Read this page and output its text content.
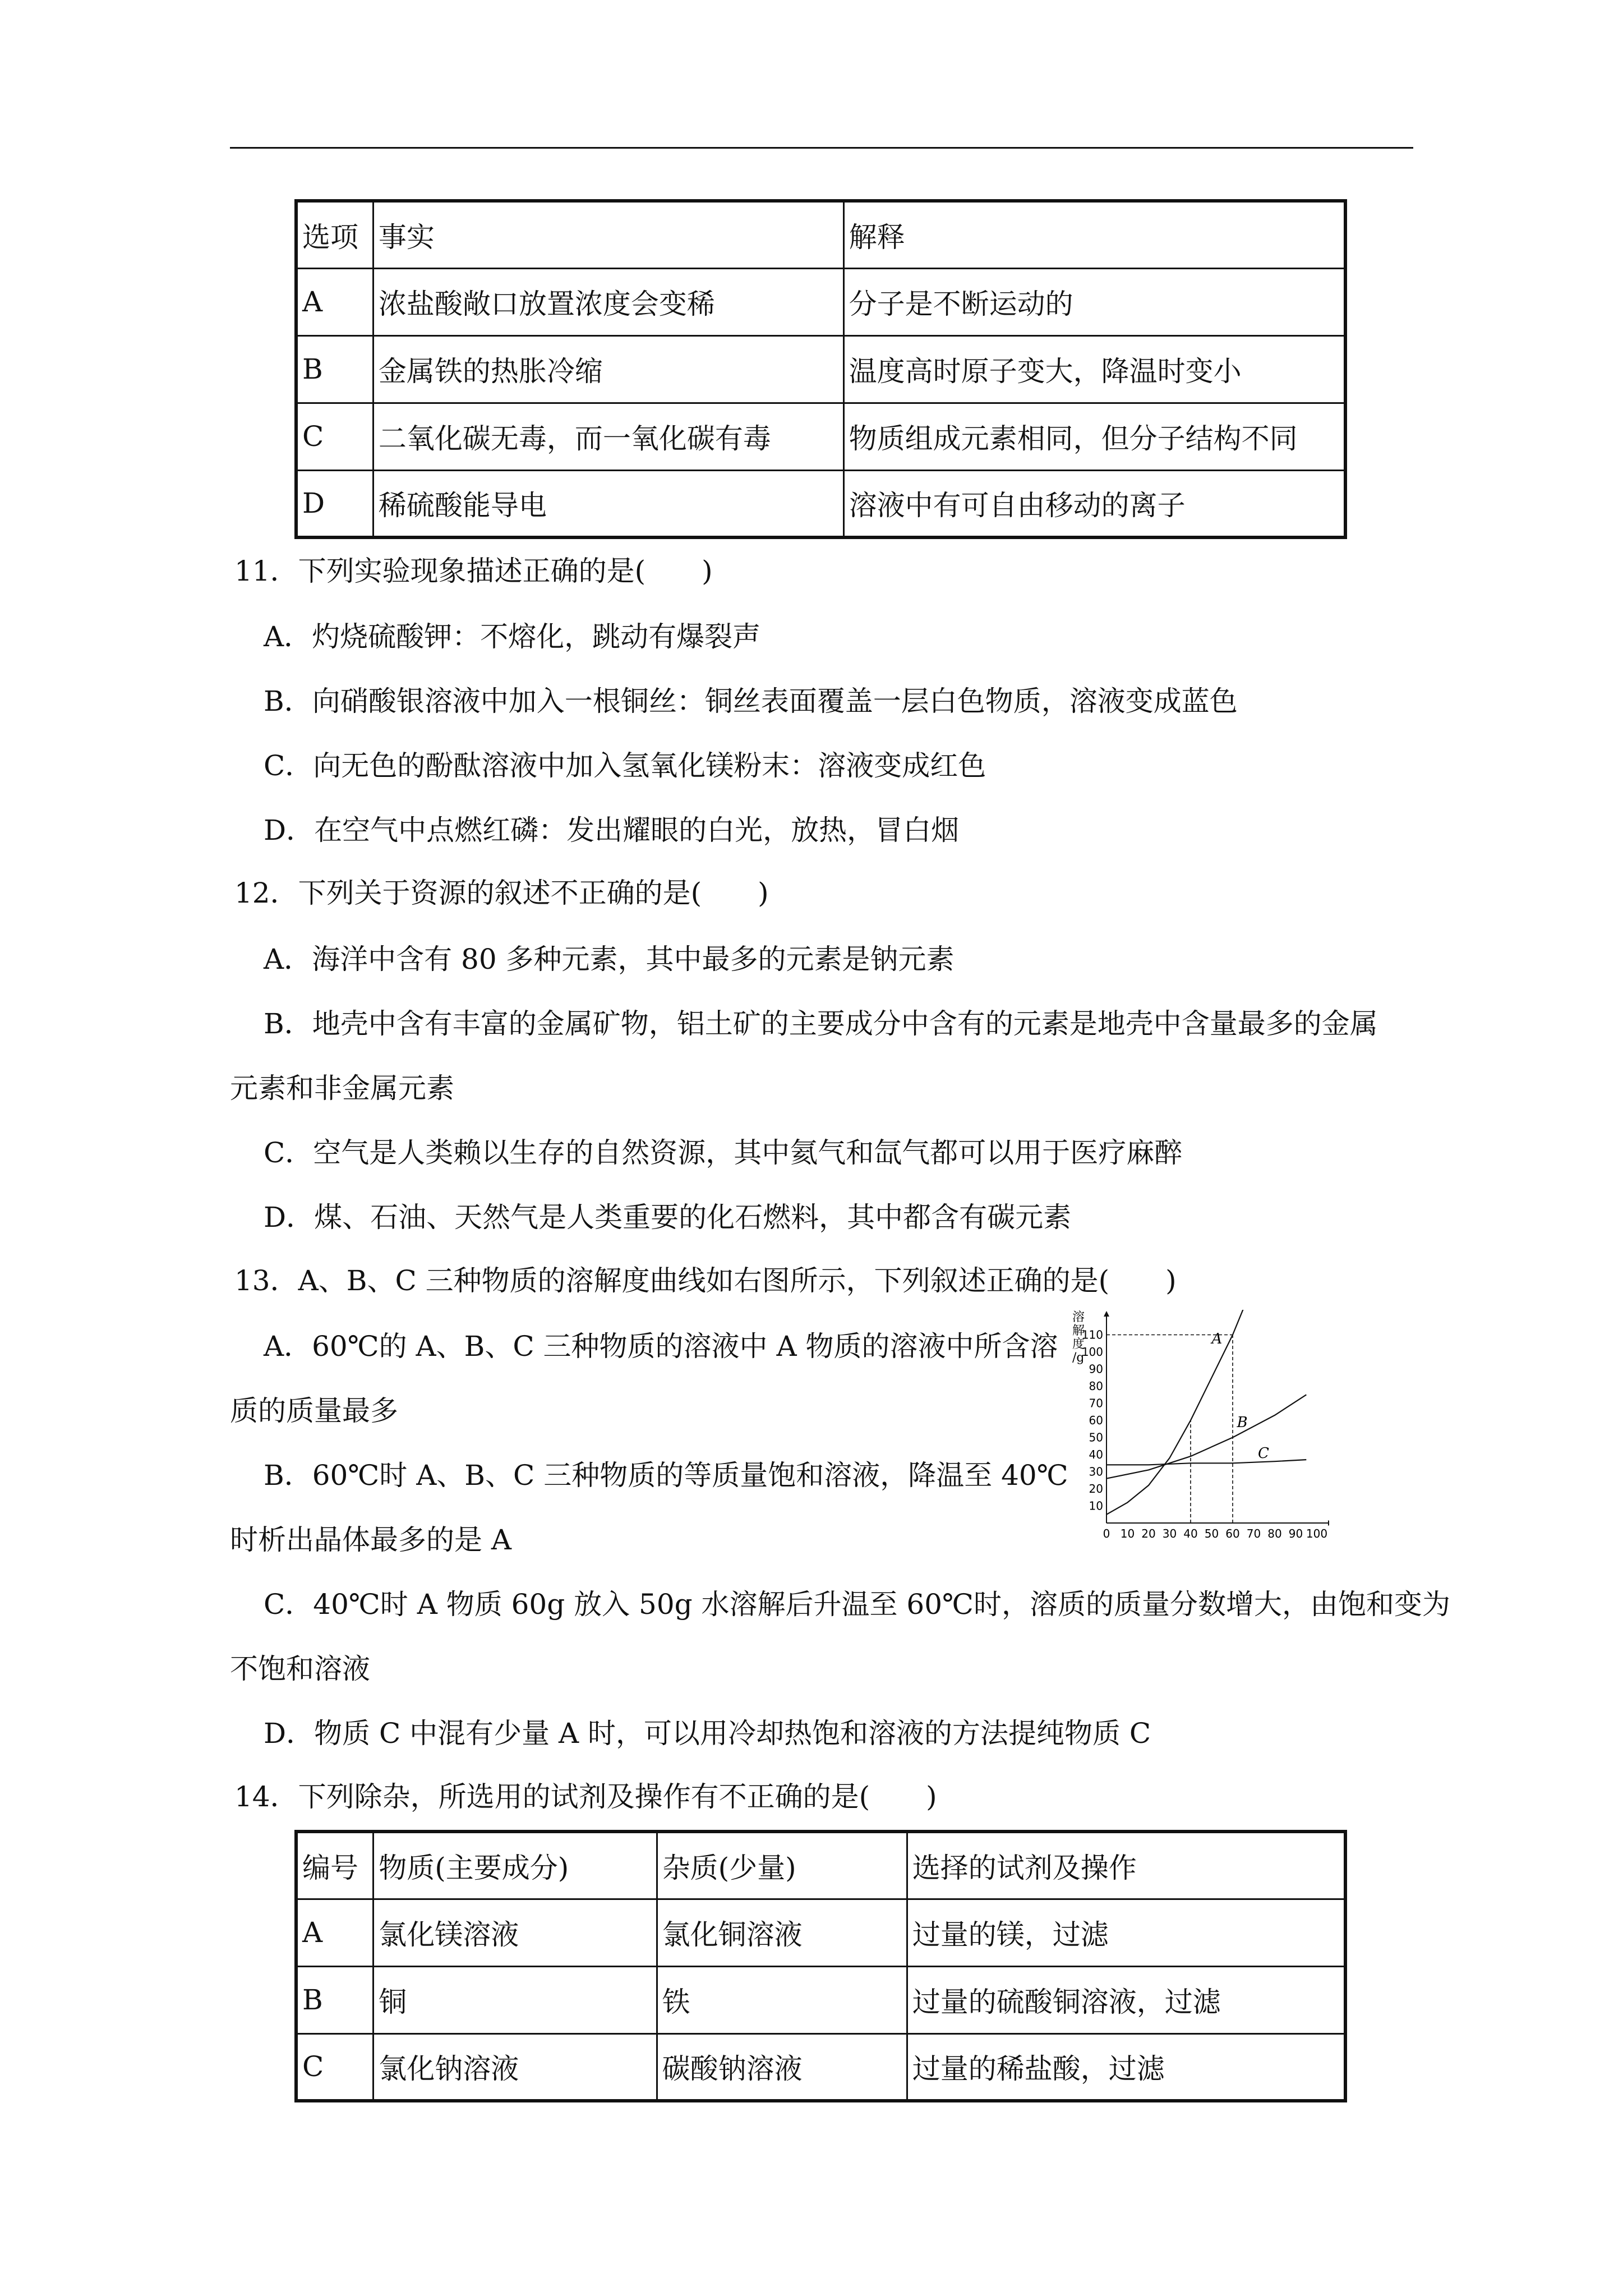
选项	事实	解释
A	浓盐酸敞口放置浓度会变稀	分子是不断运动的
B	金属铁的热胀冷缩	温度高时原子变大，降温时变小
C	二氧化碳无毒，而一氧化碳有毒	物质组成元素相同，但分子结构不同
D	稀硫酸能导电	溶液中有可自由移动的离子
11．下列实验现象描述正确的是(　　)
A．灼烧硫酸钾：不熔化，跳动有爆裂声
B．向硝酸银溶液中加入一根铜丝：铜丝表面覆盖一层白色物质，溶液变成蓝色
C．向无色的酚酞溶液中加入氢氧化镁粉末：溶液变成红色
D．在空气中点燃红磷：发出耀眼的白光，放热，冒白烟
12．下列关于资源的叙述不正确的是(　　)
A．海洋中含有 80 多种元素，其中最多的元素是钠元素
B．地壳中含有丰富的金属矿物，铝土矿的主要成分中含有的元素是地壳中含量最多的金属
元素和非金属元素
C．空气是人类赖以生存的自然资源，其中氦气和氙气都可以用于医疗麻醉
D．煤、石油、天然气是人类重要的化石燃料，其中都含有碳元素
13．A、B、C 三种物质的溶解度曲线如右图所示，下列叙述正确的是(　　)
A．60℃的 A、B、C 三种物质的溶液中 A 物质的溶液中所含溶
质的质量最多
B．60℃时 A、B、C 三种物质的等质量饱和溶液，降温至 40℃
时析出晶体最多的是 A
C．40℃时 A 物质 60g 放入 50g 水溶解后升温至 60℃时，溶质的质量分数增大，由饱和变为
不饱和溶液
D．物质 C 中混有少量 A 时，可以用冷却热饱和溶液的方法提纯物质 C
14．下列除杂，所选用的试剂及操作有不正确的是(　　)
编号	物质(主要成分)	杂质(少量)	选择的试剂及操作
A	氯化镁溶液	氯化铜溶液	过量的镁，过滤
B	铜	铁	过量的硫酸铜溶液，过滤
C	氯化钠溶液	碳酸钠溶液	过量的稀盐酸，过滤
0 10 20 30 40 50 60 70 80 90 100
10
20
30
40
50
60
70
80
90
100
110
溶
解
度
/g
A
B
C
